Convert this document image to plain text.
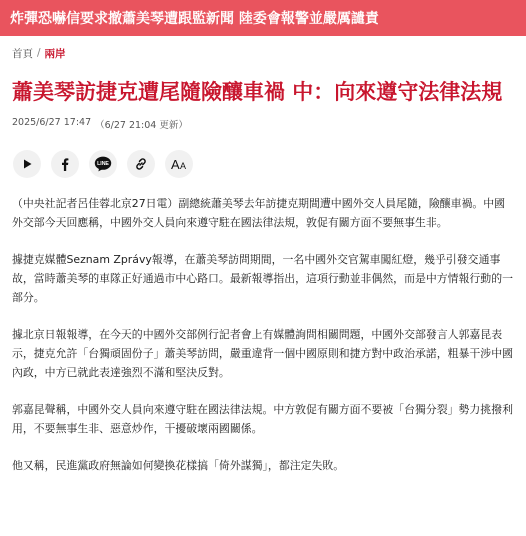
炸彈恐嚇信要求撤蕭美琴遭跟監新聞 陸委會報警並嚴厲譴責
首頁 / 兩岸
蕭美琴訪捷克遭尾隨險釀車禍 中：向來遵守法律法規
2025/6/27 17:47 （6/27 21:04 更新）
LINE	A A

（中央社記者呂佳蓉北京27日電）副總統蕭美琴去年訪捷克期間遭中國外交人員尾隨，險釀車禍。中國外交部今天回應稱，中國外交人員向來遵守駐在國法律法規，敦促有關方面不要無事生非。

據捷克媒體Seznam Zprávy報導，在蕭美琴訪問期間，一名中國外交官駕車闖紅燈，幾乎引發交通事故，當時蕭美琴的車隊正好通過市中心路口。最新報導指出，這項行動並非偶然，而是中方情報行動的一部分。

據北京日報報導，在今天的中國外交部例行記者會上有媒體詢問相關問題，中國外交部發言人郭嘉昆表示，捷克允許「台獨頑固份子」蕭美琴訪問，嚴重違背一個中國原則和捷方對中政治承諾，粗暴干涉中國內政，中方已就此表達強烈不滿和堅決反對。

郭嘉昆聲稱，中國外交人員向來遵守駐在國法律法規。中方敦促有關方面不要被「台獨分裂」勢力挑撥利用，不要無事生非、惡意炒作，干擾破壞兩國關係。

他又稱，民進黨政府無論如何變換花樣搞「倚外謀獨」，都注定失敗。
